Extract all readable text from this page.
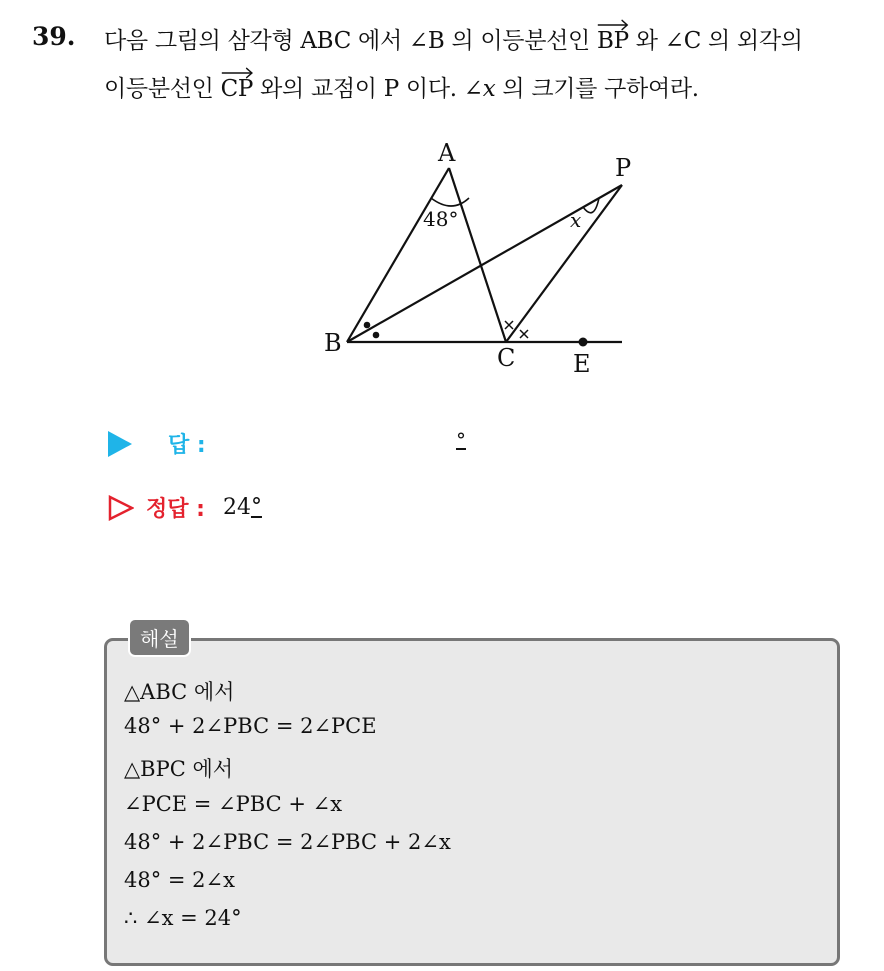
39. 다음 그림의 삼각형 ABC 에서 ∠B 의 이등분선인
BP 와 ∠C 의 외각의
이등분선인
CP 와의 교점이 P 이다. ∠x 의 크기를 구하여라.
A
B
C
P
E
48°	x
답 :	°
정답 : 24°
해설
△ABC 에서
48° + 2∠PBC = 2∠PCE
△BPC 에서
∠PCE = ∠PBC + ∠x
48° + 2∠PBC = 2∠PBC + 2∠x
48° = 2∠x
∴ ∠x = 24°
